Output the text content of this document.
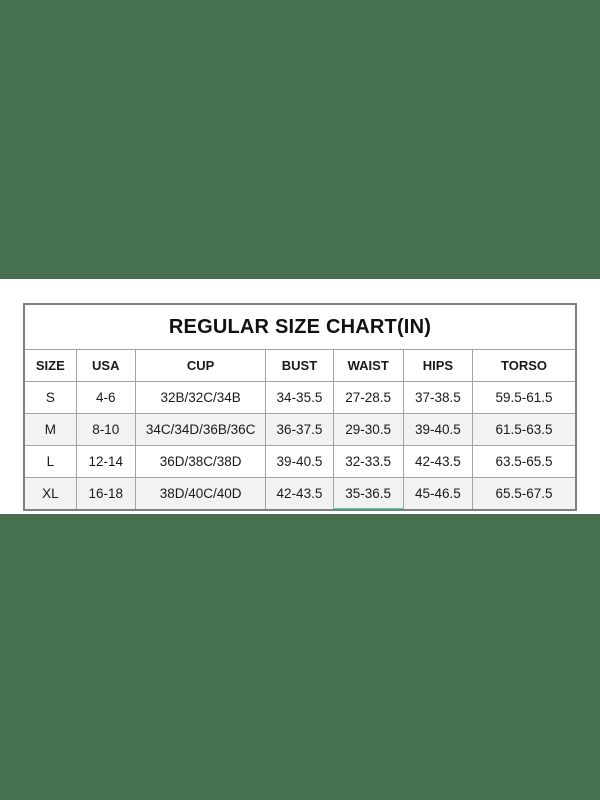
REGULAR SIZE CHART(IN)						
SIZE	USA	CUP	BUST	WAIST	HIPS	TORSO
S	4-6	32B/32C/34B	34-35.5	27-28.5	37-38.5	59.5-61.5
M	8-10	34C/34D/36B/36C	36-37.5	29-30.5	39-40.5	61.5-63.5
L	12-14	36D/38C/38D	39-40.5	32-33.5	42-43.5	63.5-65.5
XL	16-18	38D/40C/40D	42-43.5	35-36.5	45-46.5	65.5-67.5
